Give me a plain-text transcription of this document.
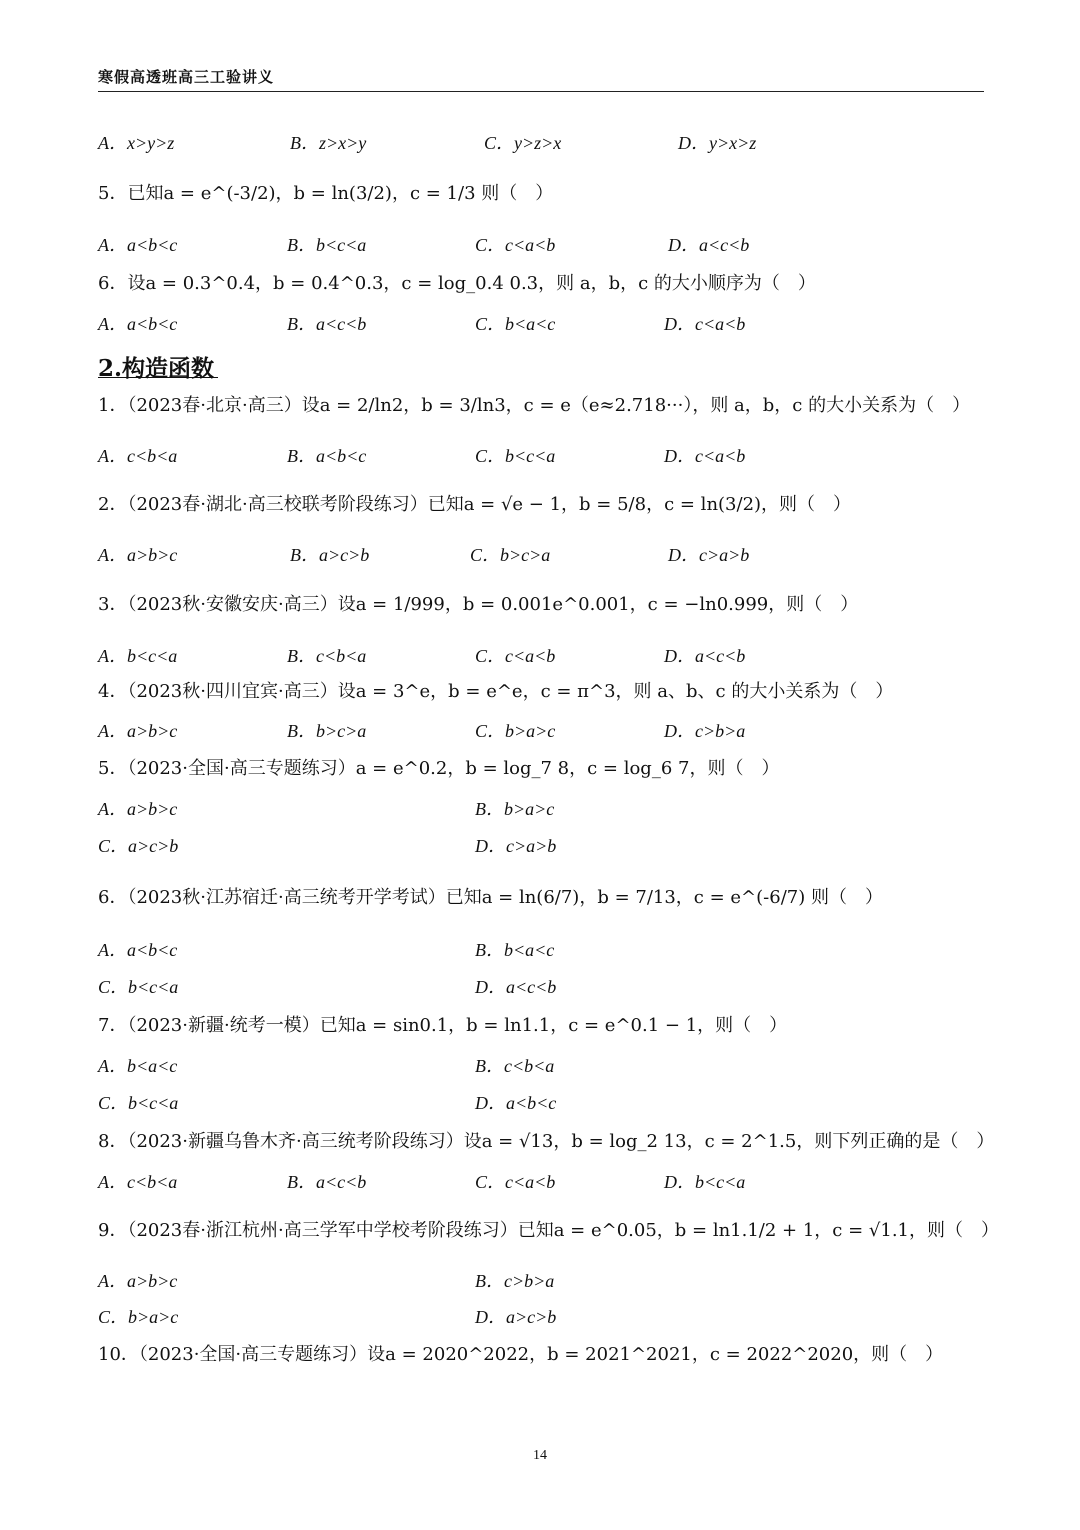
寒假高透班高三工验讲义
A．x>y>z	B．z>x>y	C．y>z>x	D．y>x>z
5．已知a = e^(-3/2)，b = ln(3/2)，c = 1/3 则（　）
A．a<b<c	B．b<c<a	C．c<a<b	D．a<c<b
6．设a = 0.3^0.4，b = 0.4^0.3，c = log_0.4 0.3，则 a，b，c 的大小顺序为（　）
A．a<b<c	B．a<c<b	C．b<a<c	D．c<a<b
2.构造函数
1．（2023春·北京·高三）设a = 2/ln2，b = 3/ln3，c = e（e≈2.718···），则 a，b，c 的大小关系为（　）
A．c<b<a	B．a<b<c	C．b<c<a	D．c<a<b
2．（2023春·湖北·高三校联考阶段练习）已知a = √e − 1，b = 5/8，c = ln(3/2)，则（　）
A．a>b>c	B．a>c>b	C．b>c>a	D．c>a>b
3．（2023秋·安徽安庆·高三）设a = 1/999，b = 0.001e^0.001，c = −ln0.999，则（　）
A．b<c<a	B．c<b<a	C．c<a<b	D．a<c<b
4．（2023秋·四川宜宾·高三）设a = 3^e，b = e^e，c = π^3，则 a、b、c 的大小关系为（　）
A．a>b>c	B．b>c>a	C．b>a>c	D．c>b>a
5．（2023·全国·高三专题练习）a = e^0.2，b = log_7 8，c = log_6 7，则（　）
A．a>b>c	B．b>a>c
C．a>c>b	D．c>a>b
6．（2023秋·江苏宿迁·高三统考开学考试）已知a = ln(6/7)，b = 7/13，c = e^(-6/7) 则（　）
A．a<b<c	B．b<a<c
C．b<c<a	D．a<c<b
7．（2023·新疆·统考一模）已知a = sin0.1，b = ln1.1，c = e^0.1 − 1，则（　）
A．b<a<c	B．c<b<a
C．b<c<a	D．a<b<c
8．（2023·新疆乌鲁木齐·高三统考阶段练习）设a = √13，b = log_2 13，c = 2^1.5，则下列正确的是（　）
A．c<b<a	B．a<c<b	C．c<a<b	D．b<c<a
9．（2023春·浙江杭州·高三学军中学校考阶段练习）已知a = e^0.05，b = ln1.1/2 + 1，c = √1.1，则（　）
A．a>b>c	B．c>b>a
C．b>a>c	D．a>c>b
10．（2023·全国·高三专题练习）设a = 2020^2022，b = 2021^2021，c = 2022^2020，则（　）
14
